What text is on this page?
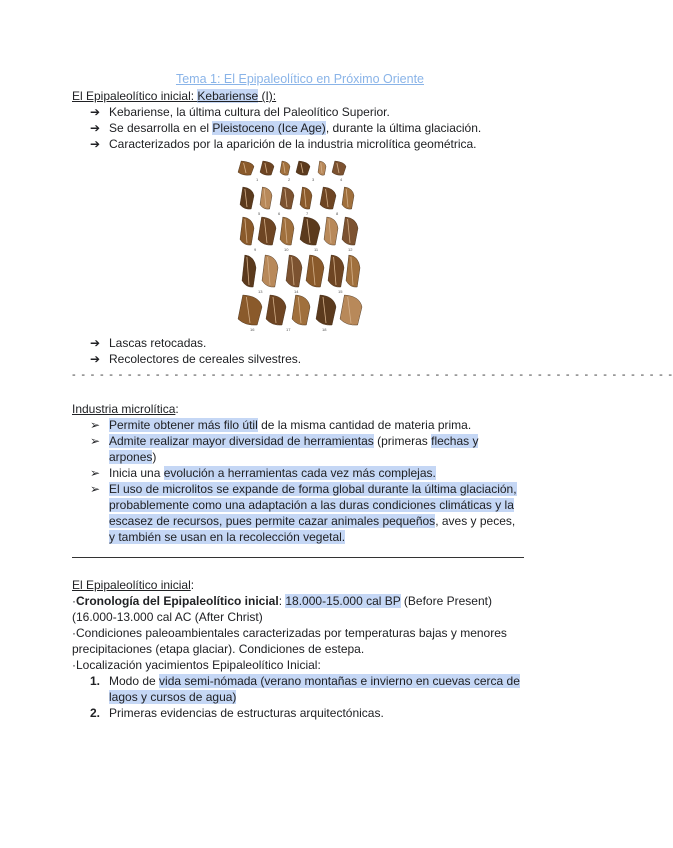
Tema 1: El Epipaleolítico en Próximo Oriente
El Epipaleolítico inicial: Kebariense (I):
➔ Kebariense, la última cultura del Paleolítico Superior.
➔ Se desarrolla en el Pleistoceno (Ice Age), durante la última glaciación.
➔ Caracterizados por la aparición de la industria microlítica geométrica.
1	2	3	4
5	6	7	8
9	10	11	12
13	14	15
16	17	18
➔ Lascas retocadas.
➔ Recolectores de cereales silvestres.
- - - - - - - - - - - - - - - - - - - - - - - - - - - - - - - - - - - - - - - - - - - - - - - - - - - - - - - - - - - - - - - - -
Industria microlítica:
➢ Permite obtener más filo útil de la misma cantidad de materia prima.
➢ Admite realizar mayor diversidad de herramientas (primeras flechas y
arpones)
➢ Inicia una evolución a herramientas cada vez más complejas.
➢ El uso de microlitos se expande de forma global durante la última glaciación,
probablemente como una adaptación a las duras condiciones climáticas y la
escasez de recursos, pues permite cazar animales pequeños, aves y peces,
y también se usan en la recolección vegetal.
El Epipaleolítico inicial:
·Cronología del Epipaleolítico inicial: 18.000-15.000 cal BP (Before Present)
(16.000-13.000 cal AC (After Christ)
·Condiciones paleoambientales caracterizadas por temperaturas bajas y menores
precipitaciones (etapa glaciar). Condiciones de estepa.
·Localización yacimientos Epipaleolítico Inicial:
1. Modo de vida semi-nómada (verano montañas e invierno en cuevas cerca de
lagos y cursos de agua)
2. Primeras evidencias de estructuras arquitectónicas.
